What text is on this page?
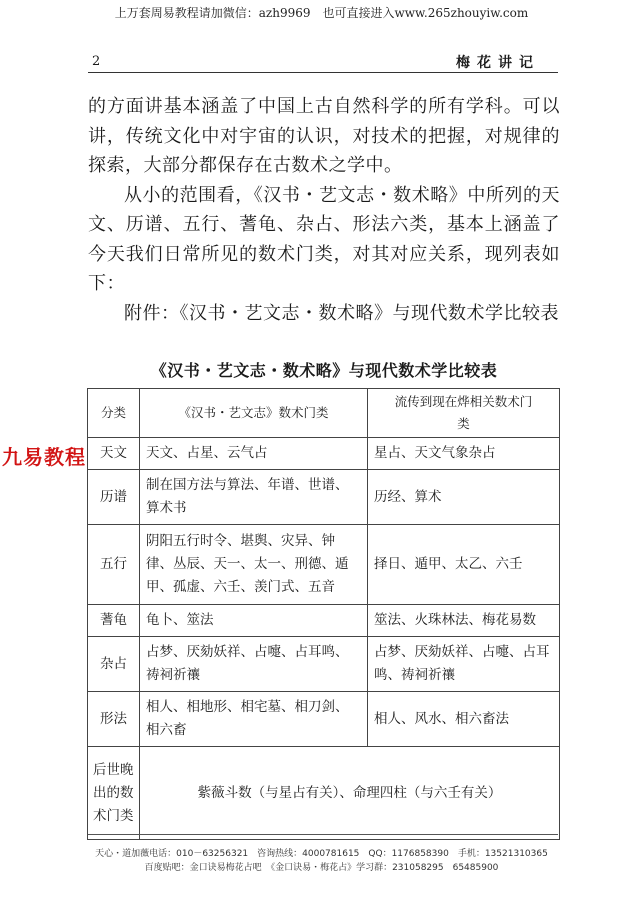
上万套周易教程请加微信：azh9969　也可直接进入www.265zhouyiw.com
2	梅花讲记

的方面讲基本涵盖了中国上古自然科学的所有学科。可以讲，传统文化中对宇宙的认识，对技术的把握，对规律的探索，大部分都保存在古数术之学中。

从小的范围看，《汉书・艺文志・数术略》中所列的天文、历谱、五行、蓍龟、杂占、形法六类，基本上涵盖了今天我们日常所见的数术门类，对其对应关系，现列表如下：

附件：《汉书・艺文志・数术略》与现代数术学比较表

《汉书・艺文志・数术略》与现代数术学比较表
分类	《汉书・艺文志》数术门类	流传到现在烨相关数术门类
天文	天文、占星、云气占	星占、天文气象杂占
历谱	制在国方法与算法、年谱、世谱、算术书	历经、算术
五行	阴阳五行时令、堪舆、灾异、钟律、丛辰、天一、太一、刑德、遁甲、孤虚、六壬、羡门式、五音	择日、遁甲、太乙、六壬
蓍龟	龟卜、筮法	筮法、火珠林法、梅花易数
杂占	占梦、厌劾妖祥、占嚏、占耳鸣、祷祠祈禳	占梦、厌劾妖祥、占嚏、占耳鸣、祷祠祈禳
形法	相人、相地形、相宅墓、相刀剑、相六畜	相人、风水、相六畜法
后世晚出的数术门类	紫薇斗数（与星占有关）、命理四柱（与六壬有关）	
九易教程
天心・道加薇电话：010－63256321　咨询热线：4000781615　QQ：1176858390　手机：13521310365
百度贴吧：金口诀易梅花占吧　《金口诀易・梅花占》学习群：231058295　65485900
